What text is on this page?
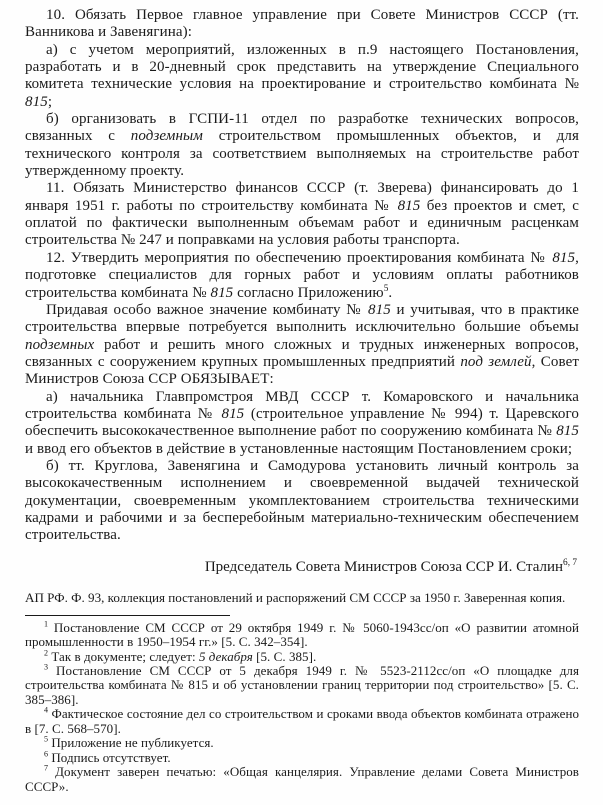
10. Обязать Первое главное управление при Совете Министров СССР (тт. Ванникова и Завенягина):

а) с учетом мероприятий, изложенных в п.9 настоящего Постановления, разработать и в 20-дневный срок представить на утверждение Специального комитета технические условия на проектирование и строительство комбината № 815;

б) организовать в ГСПИ-11 отдел по разработке технических вопросов, связанных с подземным строительством промышленных объектов, и для технического контроля за соответствием выполняемых на строительстве работ утвержденному проекту.

11. Обязать Министерство финансов СССР (т. Зверева) финансировать до 1 января 1951 г. работы по строительству комбината № 815 без проектов и смет, с оплатой по фактически выполненным объемам работ и единичным расценкам строительства № 247 и поправками на условия работы транспорта.

12. Утвердить мероприятия по обеспечению проектирования комбината № 815, подготовке специалистов для горных работ и условиям оплаты работников строительства комбината № 815 согласно Приложению$^5$.

Придавая особо важное значение комбинату № 815 и учитывая, что в практике строительства впервые потребуется выполнить исключительно большие объемы подземных работ и решить много сложных и трудных инженерных вопросов, связанных с сооружением крупных промышленных предприятий под землей, Совет Министров Союза ССР ОБЯЗЫВАЕТ:

а) начальника Главпромстроя МВД СССР т. Комаровского и начальника строительства комбината № 815 (строительное управление № 994) т. Царевского обеспечить высококачественное выполнение работ по сооружению комбината № 815 и ввод его объектов в действие в установленные настоящим Постановлением сроки;

б) тт. Круглова, Завенягина и Самодурова установить личный контроль за высококачественным исполнением и своевременной выдачей технической документации, своевременным укомплектованием строительства техническими кадрами и рабочими и за бесперебойным материально-техническим обеспечением строительства.

Председатель Совета Министров Союза ССР И. Сталин$^{6, 7}$

АП РФ. Ф. 93, коллекция постановлений и распоряжений СМ СССР за 1950 г. Заверенная копия.

$^1$ Постановление СМ СССР от 29 октября 1949 г. № 5060-1943сс/оп «О развитии атомной промышленности в 1950–1954 гг.» [5. С. 342–354].

$^2$ Так в документе; следует: 5 декабря [5. С. 385].

$^3$ Постановление СМ СССР от 5 декабря 1949 г. № 5523-2112сс/оп «О площадке для строительства комбината № 815 и об установлении границ территории под строительство» [5. С. 385–386].

$^4$ Фактическое состояние дел со строительством и сроками ввода объектов комбината отражено в [7. С. 568–570].

$^5$ Приложение не публикуется.

$^6$ Подпись отсутствует.

$^7$ Документ заверен печатью: «Общая канцелярия. Управление делами Совета Министров СССР».
